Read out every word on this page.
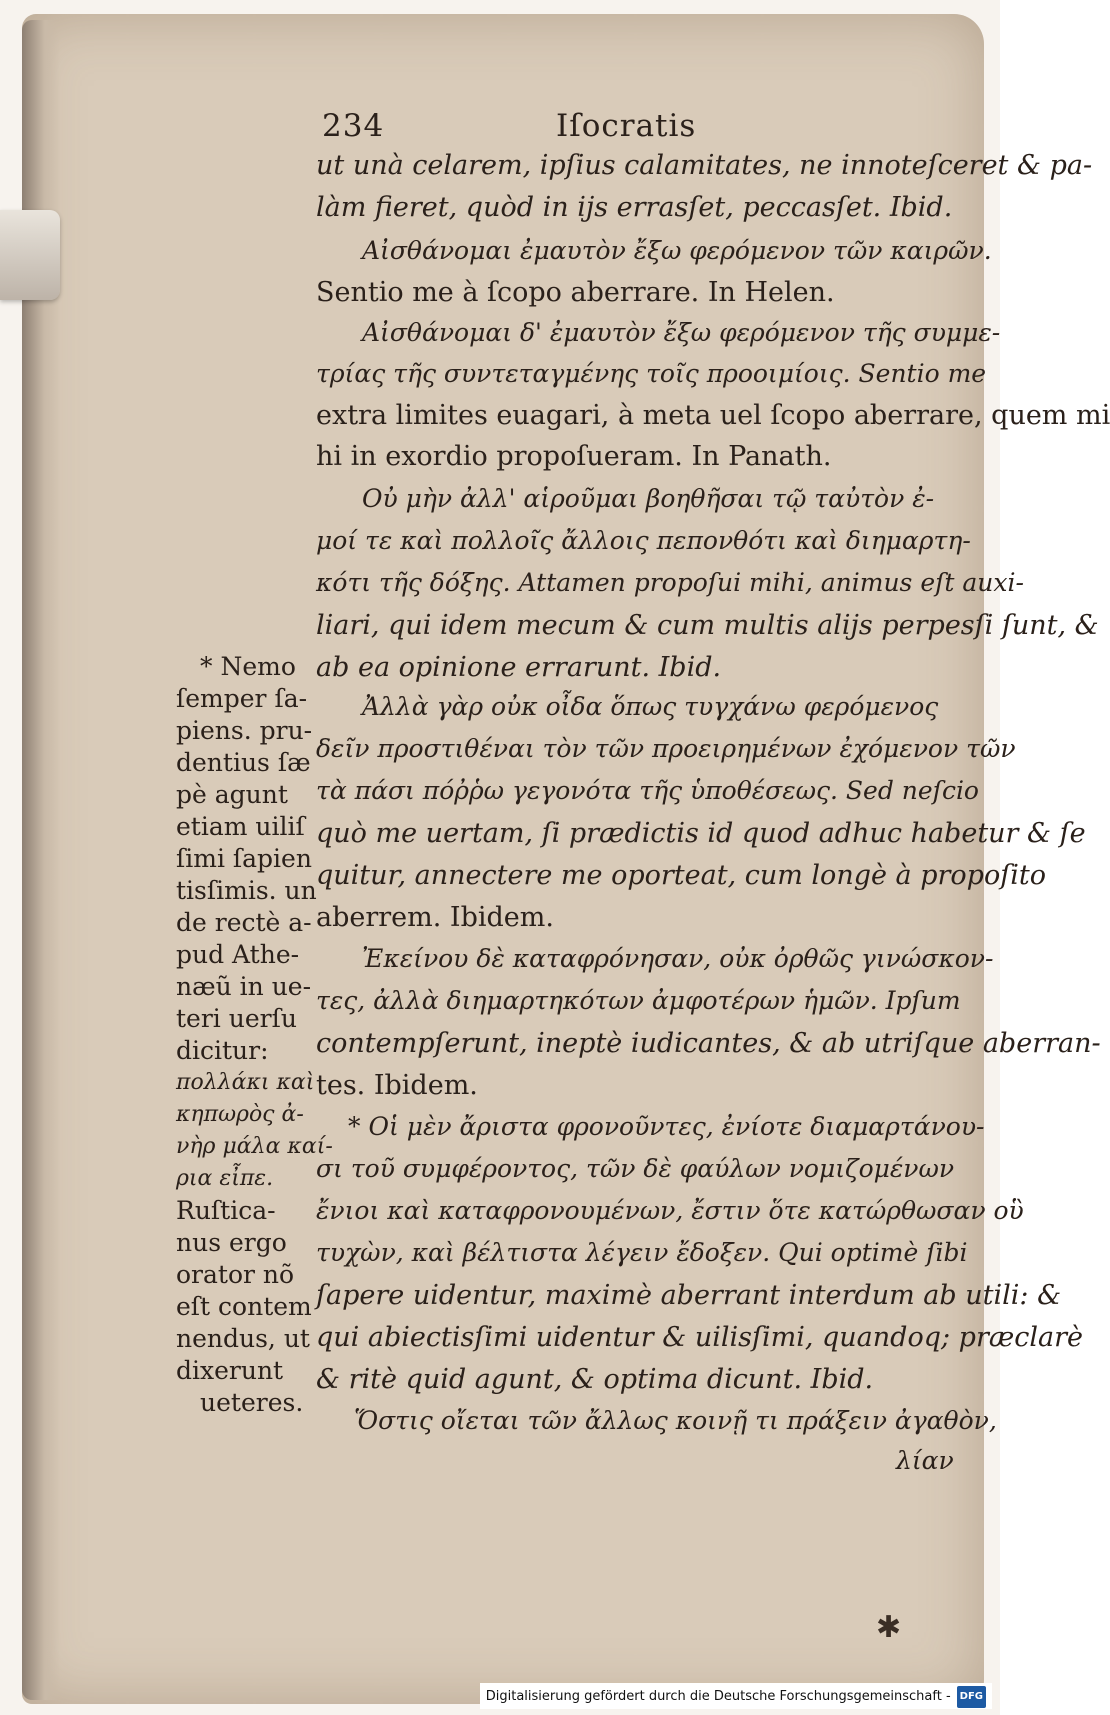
234	Iſocratis
ut unà celarem, ipſius calamitates, ne innoteſceret & pa-
làm fieret, quòd in ijs errasſet, peccasſet. Ibid.
Αἰσθάνομαι ἐμαυτὸν ἔξω φερόμενον τῶν καιρῶν.
Sentio me à ſcopo aberrare. In Helen.
Αἰσθάνομαι δ' ἐμαυτὸν ἔξω φερόμενον τῆς συμμε-
τρίας τῆς συντεταγμένης τοῖς προοιμίοις. Sentio me
extra limites euagari, à meta uel ſcopo aberrare, quem mi
hi in exordio propoſueram. In Panath.
Οὐ μὴν ἀλλ' αἱροῦμαι βοηθῆσαι τῷ ταὐτὸν ἐ-
μοί τε καὶ πολλοῖς ἄλλοις πεπονθότι καὶ διημαρτη-
κότι τῆς δόξης. Attamen propoſui mihi, animus eſt auxi-
liari, qui idem mecum & cum multis alijs perpesſi ſunt, &
ab ea opinione errarunt. Ibid.
Ἀλλὰ γὰρ οὐκ οἶδα ὅπως τυγχάνω φερόμενος
δεῖν προστιθέναι τὸν τῶν προειρημένων ἐχόμενον τῶν
τὰ πάσι πόῤῥω γεγονότα τῆς ὑποθέσεως. Sed neſcio
quò me uertam, ſi prædictis id quod adhuc habetur & ſe
quitur, annectere me oporteat, cum longè à propoſito
aberrem. Ibidem.
Ἐκείνου δὲ καταφρόνησαν, οὐκ ὀρθῶς γινώσκον-
τες, ἀλλὰ διημαρτηκότων ἀμφοτέρων ἡμῶν. Ipſum
contempſerunt, ineptè iudicantes, & ab utriſque aberran-
tes. Ibidem.
* Οἱ μὲν ἄριστα φρονοῦντες, ἐνίοτε διαμαρτάνου-
σι τοῦ συμφέροντος, τῶν δὲ φαύλων νομιζομένων
ἔνιοι καὶ καταφρονουμένων, ἔστιν ὅτε κατώρθωσαν οὓ
τυχὼν, καὶ βέλτιστα λέγειν ἔδοξεν. Qui optimè ſibi
ſapere uidentur, maximè aberrant interdum ab utili: &
qui abiectisſimi uidentur & uilisſimi, quandoq; præclarè
& ritè quid agunt, & optima dicunt. Ibid.
Ὅστις οἴεται τῶν ἄλλως κοινῇ τι πράξειν ἀγαθὸν,
λίαν
* Nemo
ſemper ſa-
piens. pru-
dentius ſæ
pè agunt
etiam uiliſ
ſimi ſapien
tisſimis. un
de rectè a-
pud Athe-
næũ in ue-
teri uerſu
dicitur:
πολλάκι καὶ
κηπωρὸς ἀ-
νὴρ μάλα καί-
ρια εἶπε.
Ruſtica-
nus ergo
orator nõ
eſt contem
nendus, ut
dixerunt
ueteres.
✱
Digitalisierung gefördert durch die Deutsche Forschungsgemeinschaft - DFG
